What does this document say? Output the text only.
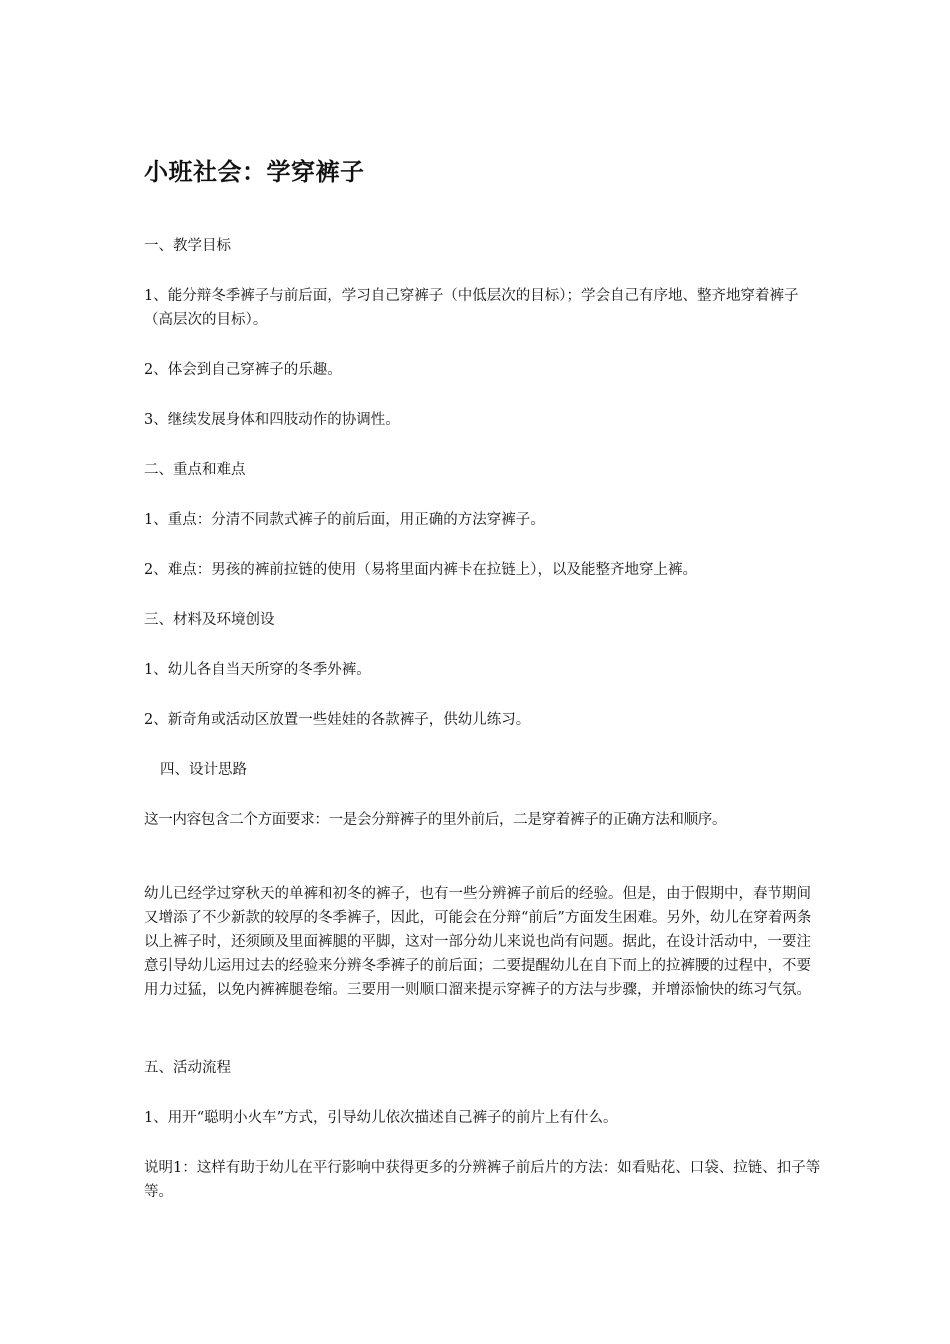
小班社会：学穿裤子

一、教学目标

1、能分辩冬季裤子与前后面，学习自己穿裤子（中低层次的目标）；学会自己有序地、整齐地穿着裤子（高层次的目标）。

2、体会到自己穿裤子的乐趣。

3、继续发展身体和四肢动作的协调性。

二、重点和难点

1、重点：分清不同款式裤子的前后面，用正确的方法穿裤子。

2、难点：男孩的裤前拉链的使用（易将里面内裤卡在拉链上），以及能整齐地穿上裤。

三、材料及环境创设

1、幼儿各自当天所穿的冬季外裤。

2、新奇角或活动区放置一些娃娃的各款裤子，供幼儿练习。

四、设计思路

这一内容包含二个方面要求：一是会分辩裤子的里外前后，二是穿着裤子的正确方法和顺序。

幼儿已经学过穿秋天的单裤和初冬的裤子，也有一些分辨裤子前后的经验。但是，由于假期中，春节期间又增添了不少新款的较厚的冬季裤子，因此，可能会在分辩“前后”方面发生困难。另外，幼儿在穿着两条以上裤子时，还须顾及里面裤腿的平脚，这对一部分幼儿来说也尚有问题。据此，在设计活动中，一要注意引导幼儿运用过去的经验来分辨冬季裤子的前后面；二要提醒幼儿在自下而上的拉裤腰的过程中，不要用力过猛，以免内裤裤腿卷缩。三要用一则顺口溜来提示穿裤子的方法与步骤，并增添愉快的练习气氛。

五、活动流程

1、用开“聪明小火车”方式，引导幼儿依次描述自己裤子的前片上有什么。

说明1：这样有助于幼儿在平行影响中获得更多的分辨裤子前后片的方法：如看贴花、口袋、拉链、扣子等等。
